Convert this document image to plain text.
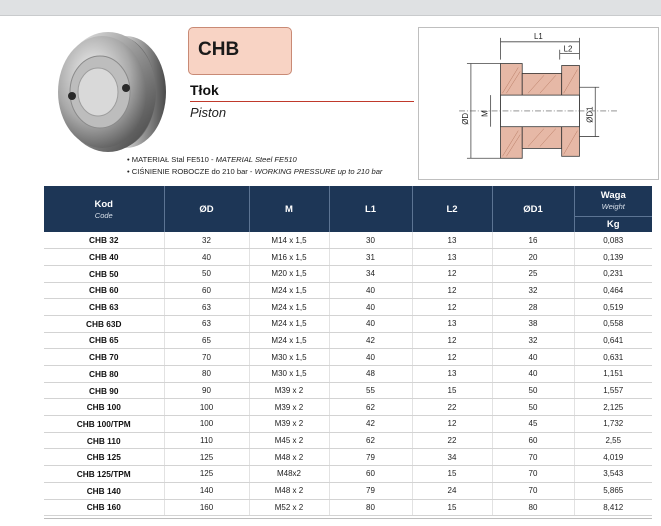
CHB
Tłok
Piston
• MATERIAŁ Stal FE510 - MATERIAL Steel FE510
• CIŚNIENIE ROBOCZE do 210 bar - WORKING PRESSURE up to 210 bar
L1
L2
ØD M	ØD1
Kod
Code	ØD	M	L1	L2	ØD1	Waga
Weight

						Kg
CHB 32	32	M14 x 1,5	30	13	16	0,083
CHB 40	40	M16 x 1,5	31	13	20	0,139
CHB 50	50	M20 x 1,5	34	12	25	0,231
CHB 60	60	M24 x 1,5	40	12	32	0,464
CHB 63	63	M24 x 1,5	40	12	28	0,519
CHB 63D	63	M24 x 1,5	40	13	38	0,558
CHB 65	65	M24 x 1,5	42	12	32	0,641
CHB 70	70	M30 x 1,5	40	12	40	0,631
CHB 80	80	M30 x 1,5	48	13	40	1,151
CHB 90	90	M39 x 2	55	15	50	1,557
CHB 100	100	M39 x 2	62	22	50	2,125
CHB 100/TPM	100	M39 x 2	42	12	45	1,732
CHB 110	110	M45 x 2	62	22	60	2,55
CHB 125	125	M48 x 2	79	34	70	4,019
CHB 125/TPM	125	M48x2	60	15	70	3,543
CHB 140	140	M48 x 2	79	24	70	5,865
CHB 160	160	M52 x 2	80	15	80	8,412
